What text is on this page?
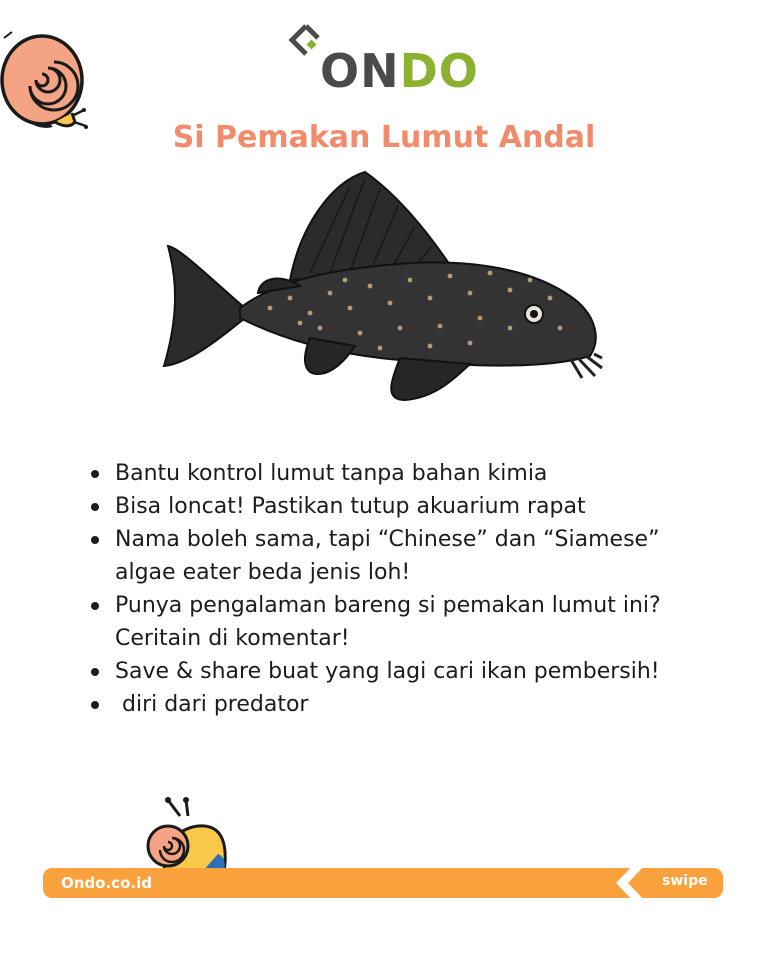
ONDO
Si Pemakan Lumut Andal
Bantu kontrol lumut tanpa bahan kimia
Bisa loncat! Pastikan tutup akuarium rapat
Nama boleh sama, tapi “Chinese” dan “Siamese” algae eater beda jenis loh!
Punya pengalaman bareng si pemakan lumut ini? Ceritain di komentar!
Save & share buat yang lagi cari ikan pembersih!
diri dari predator
Ondo.co.id	swipe
